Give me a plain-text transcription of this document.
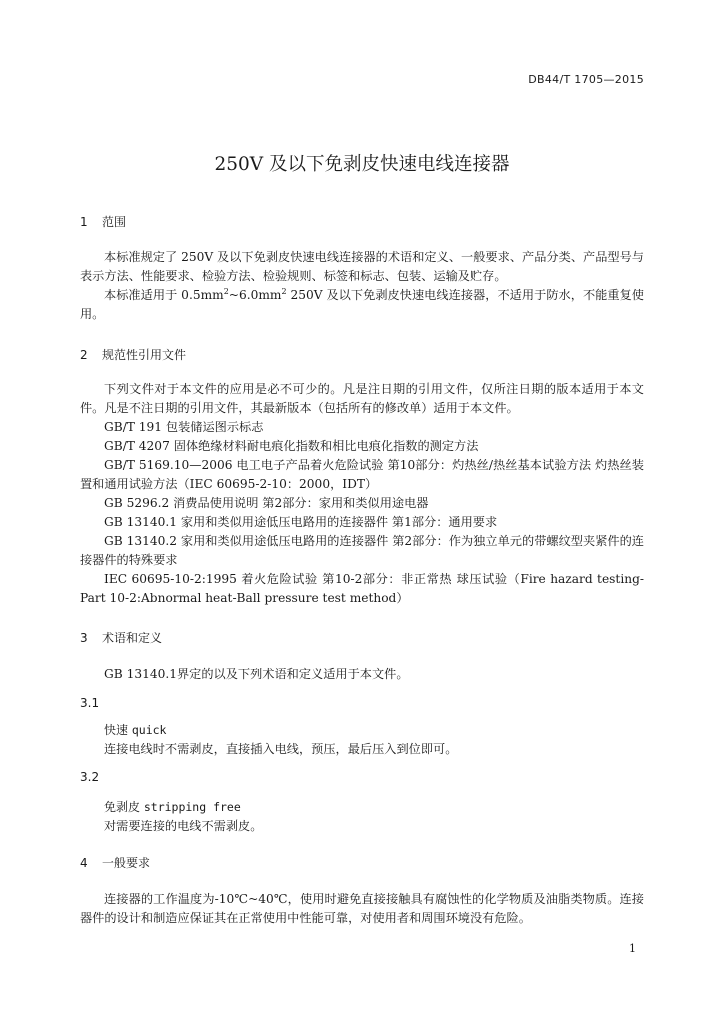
DB44/T 1705—2015
250V 及以下免剥皮快速电线连接器
1 范围
本标准规定了 250V 及以下免剥皮快速电线连接器的术语和定义、一般要求、产品分类、产品型号与表示方法、性能要求、检验方法、检验规则、标签和标志、包装、运输及贮存。
本标准适用于 $0.5mm^2\sim 6.0mm^2$ 250V 及以下免剥皮快速电线连接器，不适用于防水，不能重复使用。
2 规范性引用文件
下列文件对于本文件的应用是必不可少的。凡是注日期的引用文件，仅所注日期的版本适用于本文件。凡是不注日期的引用文件，其最新版本（包括所有的修改单）适用于本文件。
GB/T 191 包装储运图示标志
GB/T 4207 固体绝缘材料耐电痕化指数和相比电痕化指数的测定方法
GB/T 5169.10—2006 电工电子产品着火危险试验 第10部分：灼热丝/热丝基本试验方法 灼热丝装置和通用试验方法（IEC 60695-2-10：2000，IDT）
GB 5296.2 消费品使用说明 第2部分：家用和类似用途电器
GB 13140.1 家用和类似用途低压电路用的连接器件 第1部分：通用要求
GB 13140.2 家用和类似用途低压电路用的连接器件 第2部分：作为独立单元的带螺纹型夹紧件的连接器件的特殊要求
IEC 60695-10-2:1995 着火危险试验 第10-2部分：非正常热 球压试验（Fire hazard testing-Part 10-2:Abnormal heat-Ball pressure test method）
3 术语和定义
GB 13140.1界定的以及下列术语和定义适用于本文件。
3.1
快速 quick
连接电线时不需剥皮，直接插入电线，预压，最后压入到位即可。
3.2
免剥皮 stripping free
对需要连接的电线不需剥皮。
4 一般要求
连接器的工作温度为-10℃~40℃，使用时避免直接接触具有腐蚀性的化学物质及油脂类物质。连接器件的设计和制造应保证其在正常使用中性能可靠，对使用者和周围环境没有危险。
1
